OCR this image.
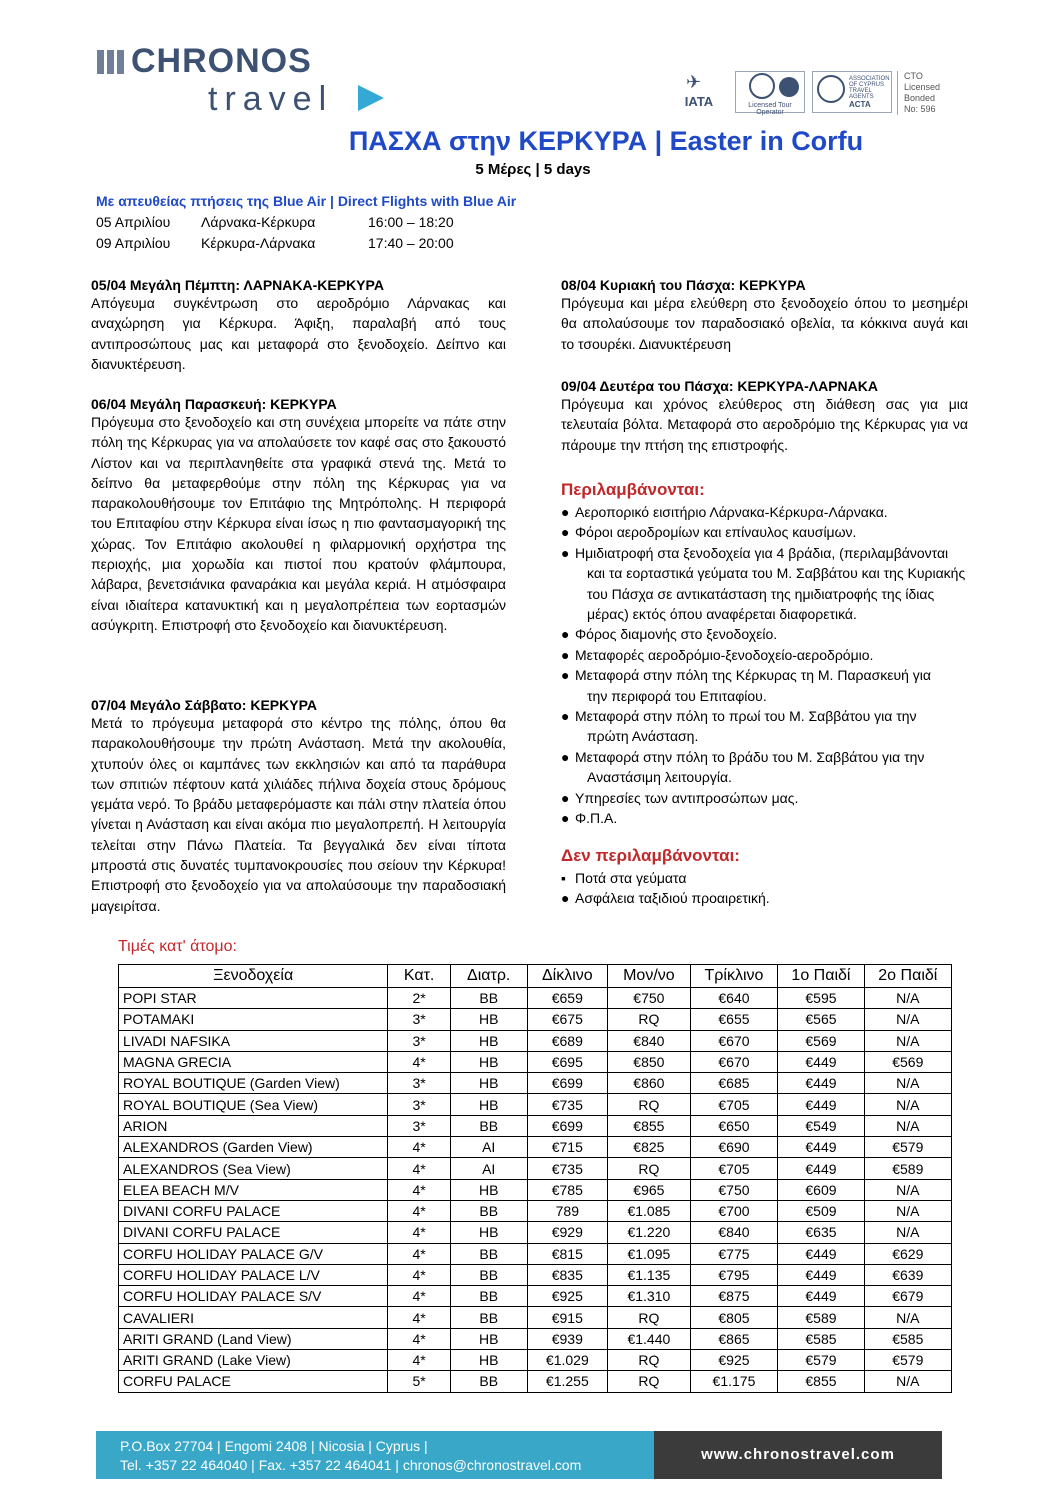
CHRONOS
travel	✈
IATA	Licensed Tour Operator
ASSOCIATION OF CYPRUS TRAVEL AGENTS
ACTA
CTO
Licensed
Bonded
No: 596
ΠΑΣΧΑ στην ΚΕΡΚΥΡΑ | Easter in Corfu
5 Μέρες | 5 days
Με απευθείας πτήσεις της Blue Air | Direct Flights with Blue Air
05 Απριλίου Λάρνακα-Κέρκυρα	16:00 – 18:20
09 Απριλίου Κέρκυρα-Λάρνακα	17:40 – 20:00
05/04 Μεγάλη Πέμπτη: ΛΑΡΝΑΚΑ-ΚΕΡΚΥΡΑ
Απόγευμα συγκέντρωση στο αεροδρόμιο Λάρνακας και αναχώρηση για Κέρκυρα. Άφιξη, παραλαβή από τους αντιπροσώπους μας και μεταφορά στο ξενοδοχείο. Δείπνο και διανυκτέρευση.
06/04 Μεγάλη Παρασκευή: ΚΕΡΚΥΡΑ
Πρόγευμα στο ξενοδοχείο και στη συνέχεια μπορείτε να πάτε στην πόλη της Κέρκυρας για να απολαύσετε τον καφέ σας στο ξακουστό Λίστον και να περιπλανηθείτε στα γραφικά στενά της. Μετά το δείπνο θα μεταφερθούμε στην πόλη της Κέρκυρας για να παρακολουθήσουμε τον Επιτάφιο της Μητρόπολης. Η περιφορά του Επιταφίου στην Κέρκυρα είναι ίσως η πιο φαντασμαγορική της χώρας. Τον Επιτάφιο ακολουθεί η φιλαρμονική ορχήστρα της περιοχής, μια χορωδία και πιστοί που κρατούν φλάμπουρα, λάβαρα, βενετσιάνικα φαναράκια και μεγάλα κεριά. Η ατμόσφαιρα είναι ιδιαίτερα κατανυκτική και η μεγαλοπρέπεια των εορτασμών ασύγκριτη. Επιστροφή στο ξενοδοχείο και διανυκτέρευση.
07/04 Μεγάλο Σάββατο: ΚΕΡΚΥΡΑ
Μετά το πρόγευμα μεταφορά στο κέντρο της πόλης, όπου θα παρακολουθήσουμε την πρώτη Ανάσταση. Μετά την ακολουθία, χτυπούν όλες οι καμπάνες των εκκλησιών και από τα παράθυρα των σπιτιών πέφτουν κατά χιλιάδες πήλινα δοχεία στους δρόμους γεμάτα νερό. Το βράδυ μεταφερόμαστε και πάλι στην πλατεία όπου γίνεται η Ανάσταση και είναι ακόμα πιο μεγαλοπρεπή. Η λειτουργία τελείται στην Πάνω Πλατεία. Τα βεγγαλικά δεν είναι τίποτα μπροστά στις δυνατές τυμπανοκρουσίες που σείουν την Κέρκυρα! Επιστροφή στο ξενοδοχείο για να απολαύσουμε την παραδοσιακή μαγειρίτσα.
08/04 Κυριακή του Πάσχα: ΚΕΡΚΥΡΑ
Πρόγευμα και μέρα ελεύθερη στο ξενοδοχείο όπου το μεσημέρι θα απολαύσουμε τον παραδοσιακό οβελία, τα κόκκινα αυγά και το τσουρέκι. Διανυκτέρευση
09/04 Δευτέρα του Πάσχα: ΚΕΡΚΥΡΑ-ΛΑΡΝΑΚΑ
Πρόγευμα και χρόνος ελεύθερος στη διάθεση σας για μια τελευταία βόλτα. Μεταφορά στο αεροδρόμιο της Κέρκυρας για να πάρουμε την πτήση της επιστροφής.
Περιλαμβάνονται:
● Αεροπορικό εισιτήριο Λάρνακα-Κέρκυρα-Λάρνακα.
● Φόροι αεροδρομίων και επίναυλος καυσίμων.
● Ημιδιατροφή στα ξενοδοχεία για 4 βράδια, (περιλαμβάνονται
και τα εορταστικά γεύματα του Μ. Σαββάτου και της Κυριακής του Πάσχα σε αντικατάσταση της ημιδιατροφής της ίδιας μέρας) εκτός όπου αναφέρεται διαφορετικά.
● Φόρος διαμονής στο ξενοδοχείο.
● Μεταφορές αεροδρόμιο-ξενοδοχείο-αεροδρόμιο.
● Μεταφορά στην πόλη της Κέρκυρας τη Μ. Παρασκευή για
την περιφορά του Επιταφίου.
● Μεταφορά στην πόλη το πρωί του Μ. Σαββάτου για την
πρώτη Ανάσταση.
● Μεταφορά στην πόλη το βράδυ του Μ. Σαββάτου για την
Αναστάσιμη λειτουργία.
● Υπηρεσίες των αντιπροσώπων μας.
● Φ.Π.Α.
Δεν περιλαμβάνονται:
▪ Ποτά στα γεύματα
● Ασφάλεια ταξιδιού προαιρετική.
Τιμές κατ' άτομο:
Ξενοδοχεία	Κατ.	Διατρ.	Δίκλινο	Μον/νο	Τρίκλινο	1ο Παιδί	2ο Παιδί
POPI STAR	2*	BB	€659	€750	€640	€595	N/A
POTAMAKI	3*	HB	€675	RQ	€655	€565	N/A
LIVADI NAFSIKA	3*	HB	€689	€840	€670	€569	N/A
MAGNA GRECIA	4*	HB	€695	€850	€670	€449	€569
ROYAL BOUTIQUE (Garden View)	3*	HB	€699	€860	€685	€449	N/A
ROYAL BOUTIQUE (Sea View)	3*	HB	€735	RQ	€705	€449	N/A
ARION	3*	BB	€699	€855	€650	€549	N/A
ALEXANDROS (Garden View)	4*	AI	€715	€825	€690	€449	€579
ALEXANDROS (Sea View)	4*	AI	€735	RQ	€705	€449	€589
ELEA BEACH M/V	4*	HB	€785	€965	€750	€609	N/A
DIVANI CORFU PALACE	4*	BB	789	€1.085	€700	€509	N/A
DIVANI CORFU PALACE	4*	HB	€929	€1.220	€840	€635	N/A
CORFU HOLIDAY PALACE G/V	4*	BB	€815	€1.095	€775	€449	€629
CORFU HOLIDAY PALACE L/V	4*	BB	€835	€1.135	€795	€449	€639
CORFU HOLIDAY PALACE S/V	4*	BB	€925	€1.310	€875	€449	€679
CAVALIERI	4*	BB	€915	RQ	€805	€589	N/A
ARITI GRAND (Land View)	4*	HB	€939	€1.440	€865	€585	€585
ARITI GRAND (Lake View)	4*	HB	€1.029	RQ	€925	€579	€579
CORFU PALACE	5*	BB	€1.255	RQ	€1.175	€855	N/A
P.O.Box 27704 | Engomi 2408 | Nicosia | Cyprus |
Tel. +357 22 464040 | Fax. +357 22 464041 | chronos@chronostravel.com
www.chronostravel.com
